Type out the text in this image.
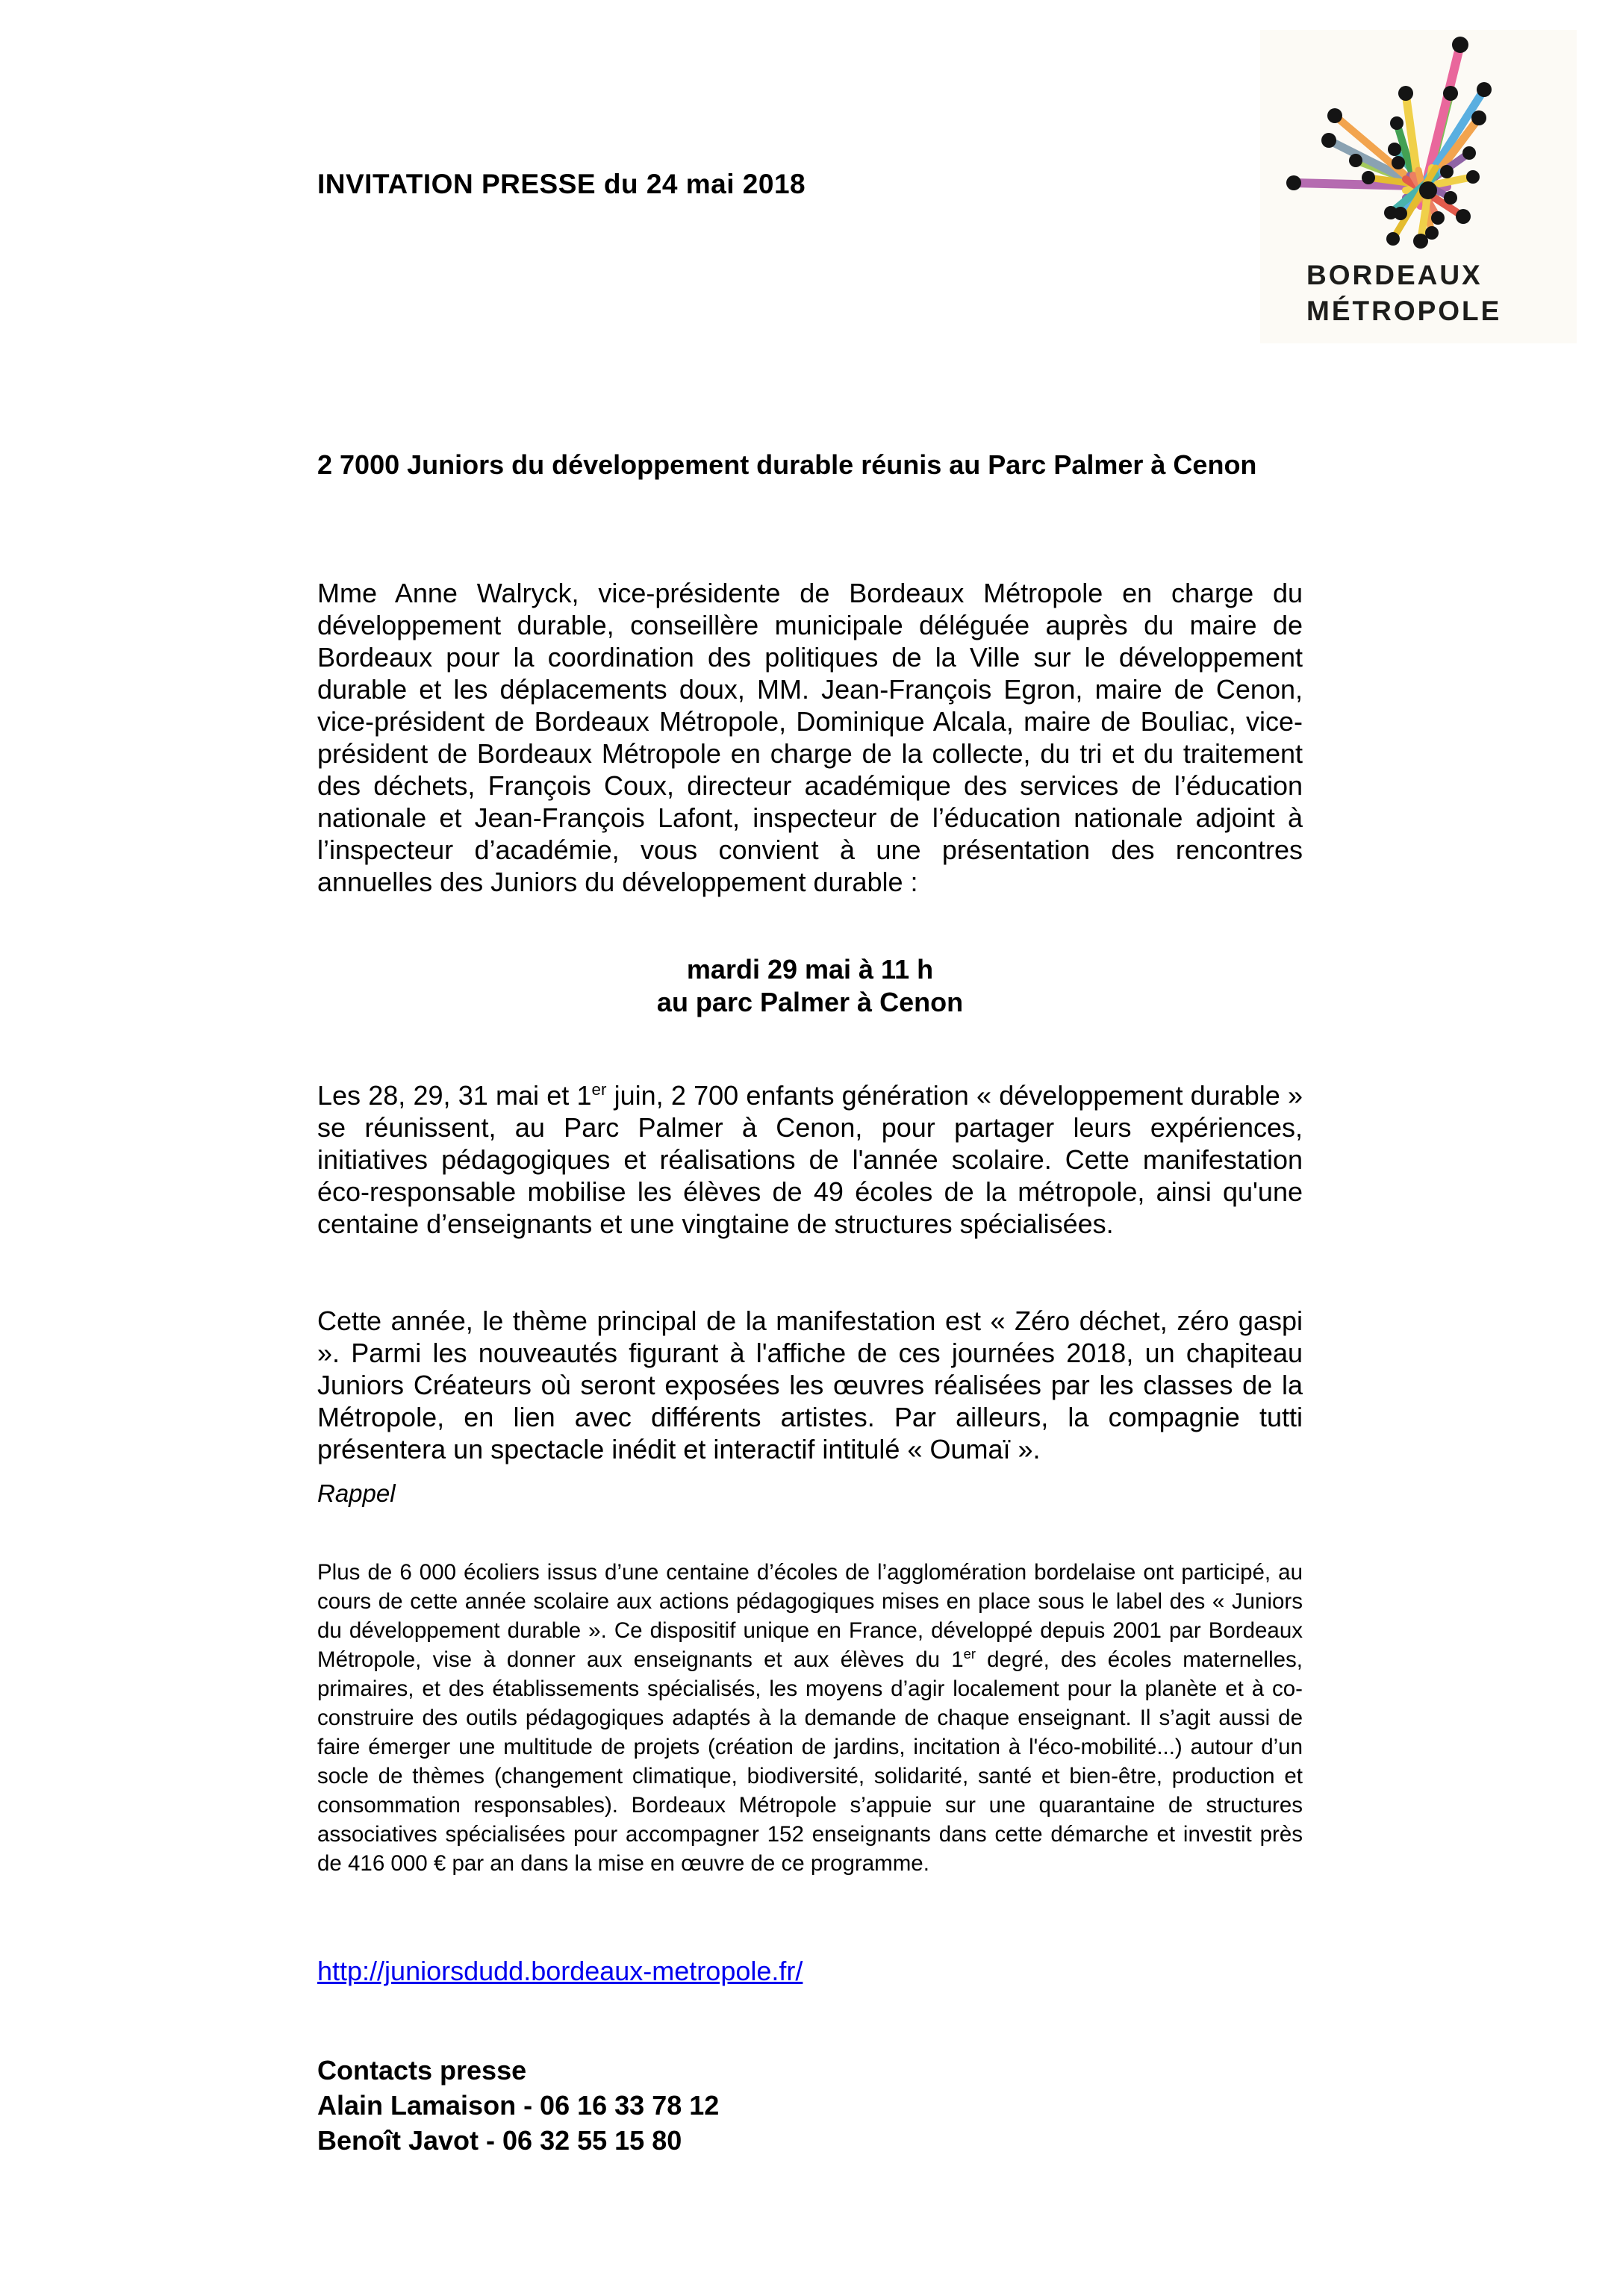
INVITATION PRESSE du 24 mai 2018
BORDEAUX
MÉTROPOLE
2 7000 Juniors du développement durable réunis au Parc Palmer à Cenon

Mme Anne Walryck, vice-présidente de Bordeaux Métropole en charge du développement durable, conseillère municipale déléguée auprès du maire de Bordeaux pour la coordination des politiques de la Ville sur le développement durable et les déplacements doux, MM. Jean-François Egron, maire de Cenon, vice-président de Bordeaux Métropole, Dominique Alcala, maire de Bouliac, vice-président de Bordeaux Métropole en charge de la collecte, du tri et du traitement des déchets, François Coux, directeur académique des services de l’éducation nationale et Jean-François Lafont, inspecteur de l’éducation nationale adjoint à l’inspecteur d’académie, vous convient à une présentation des rencontres annuelles des Juniors du développement durable :

mardi 29 mai à 11 h
au parc Palmer à Cenon

Les 28, 29, 31 mai et 1er juin, 2 700 enfants génération « développement durable » se réunissent, au Parc Palmer à Cenon, pour partager leurs expériences, initiatives pédagogiques et réalisations de l'année scolaire. Cette manifestation éco-responsable mobilise les élèves de 49 écoles de la métropole, ainsi qu'une centaine d’enseignants et une vingtaine de structures spécialisées.

Cette année, le thème principal de la manifestation est « Zéro déchet, zéro gaspi ». Parmi les nouveautés figurant à l'affiche de ces journées 2018, un chapiteau Juniors Créateurs où seront exposées les œuvres réalisées par les classes de la Métropole, en lien avec différents artistes. Par ailleurs, la compagnie tutti présentera un spectacle inédit et interactif intitulé « Oumaï ».

Rappel

Plus de 6 000 écoliers issus d’une centaine d’écoles de l’agglomération bordelaise ont participé, au cours de cette année scolaire aux actions pédagogiques mises en place sous le label des « Juniors du développement durable ». Ce dispositif unique en France, développé depuis 2001 par Bordeaux Métropole, vise à donner aux enseignants et aux élèves du 1er degré, des écoles maternelles, primaires, et des établissements spécialisés, les moyens d’agir localement pour la planète et à co-construire des outils pédagogiques adaptés à la demande de chaque enseignant. Il s’agit aussi de faire émerger une multitude de projets (création de jardins, incitation à l'éco-mobilité...) autour d’un socle de thèmes (changement climatique, biodiversité, solidarité, santé et bien-être, production et consommation responsables). Bordeaux Métropole s’appuie sur une quarantaine de structures associatives spécialisées pour accompagner 152 enseignants dans cette démarche et investit près de 416 000 € par an dans la mise en œuvre de ce programme.

http://juniorsdudd.bordeaux-metropole.fr/
Contacts presse
Alain Lamaison - 06 16 33 78 12
Benoît Javot - 06 32 55 15 80
